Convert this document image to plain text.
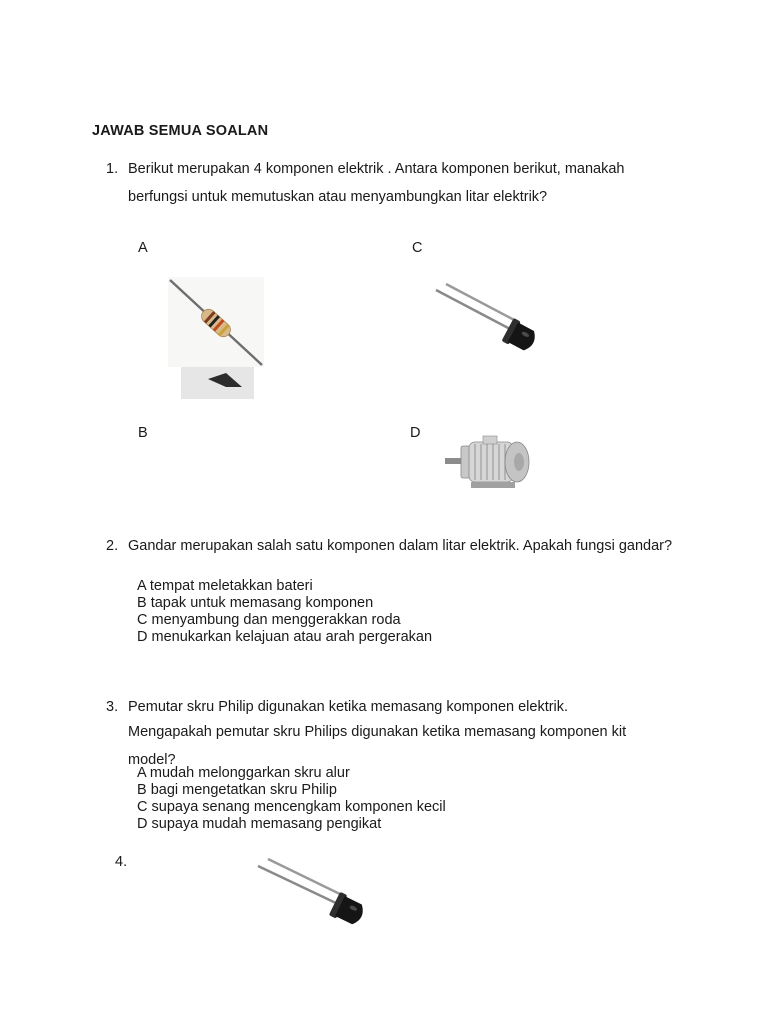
JAWAB SEMUA SOALAN
1. Berikut merupakan 4 komponen elektrik . Antara komponen berikut, manakah berfungsi untuk memutuskan atau menyambungkan litar elektrik?
A
B
C
D
2. Gandar merupakan salah satu komponen dalam litar elektrik. Apakah fungsi gandar?
A tempat meletakkan bateri
B tapak untuk memasang komponen
C menyambung dan menggerakkan roda
D menukarkan kelajuan atau arah pergerakan
3. Pemutar skru Philip digunakan ketika memasang komponen elektrik.
Mengapakah pemutar skru Philips digunakan ketika memasang komponen kit model?
A mudah melonggarkan skru alur
B bagi mengetatkan skru Philip
C supaya senang mencengkam komponen kecil
D supaya mudah memasang pengikat
4.
